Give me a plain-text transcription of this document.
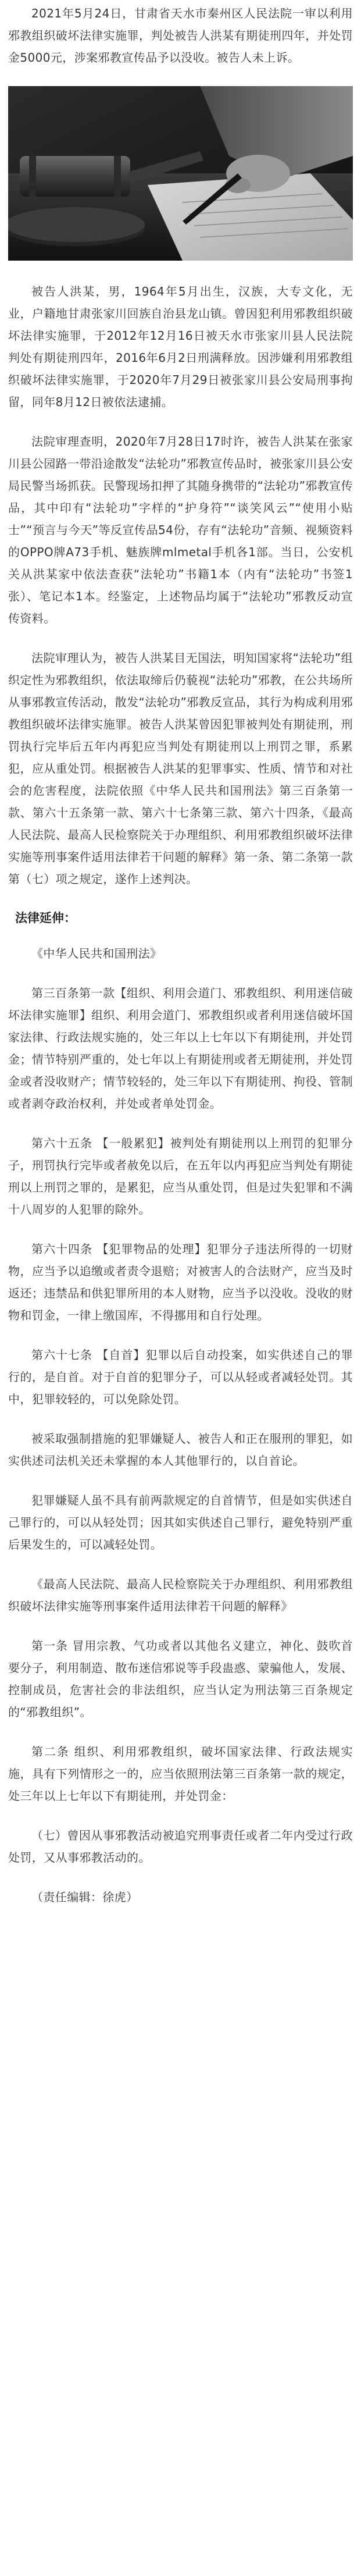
2021年5月24日，甘肃省天水市秦州区人民法院一审以利用邪教组织破坏法律实施罪，判处被告人洪某有期徒刑四年，并处罚金5000元，涉案邪教宣传品予以没收。被告人未上诉。

被告人洪某，男，1964年5月出生，汉族，大专文化，无业，户籍地甘肃张家川回族自治县龙山镇。曾因犯利用邪教组织破坏法律实施罪，于2012年12月16日被天水市张家川县人民法院判处有期徒刑四年，2016年6月2日刑满释放。因涉嫌利用邪教组织破坏法律实施罪，于2020年7月29日被张家川县公安局刑事拘留，同年8月12日被依法逮捕。

法院审理查明，2020年7月28日17时许，被告人洪某在张家川县公园路一带沿途散发“法轮功”邪教宣传品时，被张家川县公安局民警当场抓获。民警现场扣押了其随身携带的“法轮功”邪教宣传品，其中印有“法轮功”字样的“护身符”“谈笑风云”“使用小贴士”“预言与今天”等反宣传品54份，存有“法轮功”音频、视频资料的OPPO牌A73手机、魅族牌mlmetal手机各1部。当日，公安机关从洪某家中依法查获“法轮功”书籍1本（内有“法轮功”书签1张）、笔记本1本。经鉴定，上述物品均属于“法轮功”邪教反动宣传资料。

法院审理认为，被告人洪某目无国法，明知国家将“法轮功”组织定性为邪教组织，依法取缔后仍藐视“法轮功”邪教，在公共场所从事邪教宣传活动，散发“法轮功”邪教反宣品，其行为构成利用邪教组织破坏法律实施罪。被告人洪某曾因犯罪被判处有期徒刑，刑罚执行完毕后五年内再犯应当判处有期徒刑以上刑罚之罪，系累犯，应从重处罚。根据被告人洪某的犯罪事实、性质、情节和对社会的危害程度，法院依照《中华人民共和国刑法》第三百条第一款、第六十五条第一款、第六十七条第三款、第六十四条，《最高人民法院、最高人民检察院关于办理组织、利用邪教组织破坏法律实施等刑事案件适用法律若干问题的解释》第一条、第二条第一款第（七）项之规定，遂作上述判决。

法律延伸：

《中华人民共和国刑法》

第三百条第一款【组织、利用会道门、邪教组织、利用迷信破坏法律实施罪】组织、利用会道门、邪教组织或者利用迷信破坏国家法律、行政法规实施的，处三年以上七年以下有期徒刑，并处罚金；情节特别严重的，处七年以上有期徒刑或者无期徒刑，并处罚金或者没收财产；情节较轻的，处三年以下有期徒刑、拘役、管制或者剥夺政治权利，并处或者单处罚金。

第六十五条 【一般累犯】被判处有期徒刑以上刑罚的犯罪分子，刑罚执行完毕或者赦免以后，在五年以内再犯应当判处有期徒刑以上刑罚之罪的，是累犯，应当从重处罚，但是过失犯罪和不满十八周岁的人犯罪的除外。

第六十四条 【犯罪物品的处理】犯罪分子违法所得的一切财物，应当予以追缴或者责令退赔；对被害人的合法财产，应当及时返还；违禁品和供犯罪所用的本人财物，应当予以没收。没收的财物和罚金，一律上缴国库，不得挪用和自行处理。

第六十七条 【自首】犯罪以后自动投案，如实供述自己的罪行的，是自首。对于自首的犯罪分子，可以从轻或者减轻处罚。其中，犯罪较轻的，可以免除处罚。

被采取强制措施的犯罪嫌疑人、被告人和正在服刑的罪犯，如实供述司法机关还未掌握的本人其他罪行的，以自首论。

犯罪嫌疑人虽不具有前两款规定的自首情节，但是如实供述自己罪行的，可以从轻处罚；因其如实供述自己罪行，避免特别严重后果发生的，可以减轻处罚。

《最高人民法院、最高人民检察院关于办理组织、利用邪教组织破坏法律实施等刑事案件适用法律若干问题的解释》

第一条 冒用宗教、气功或者以其他名义建立，神化、鼓吹首要分子，利用制造、散布迷信邪说等手段蛊惑、蒙骗他人，发展、控制成员，危害社会的非法组织，应当认定为刑法第三百条规定的“邪教组织”。

第二条 组织、利用邪教组织，破坏国家法律、行政法规实施，具有下列情形之一的，应当依照刑法第三百条第一款的规定，处三年以上七年以下有期徒刑，并处罚金：

（七）曾因从事邪教活动被追究刑事责任或者二年内受过行政处罚，又从事邪教活动的。

（责任编辑：徐虎）
